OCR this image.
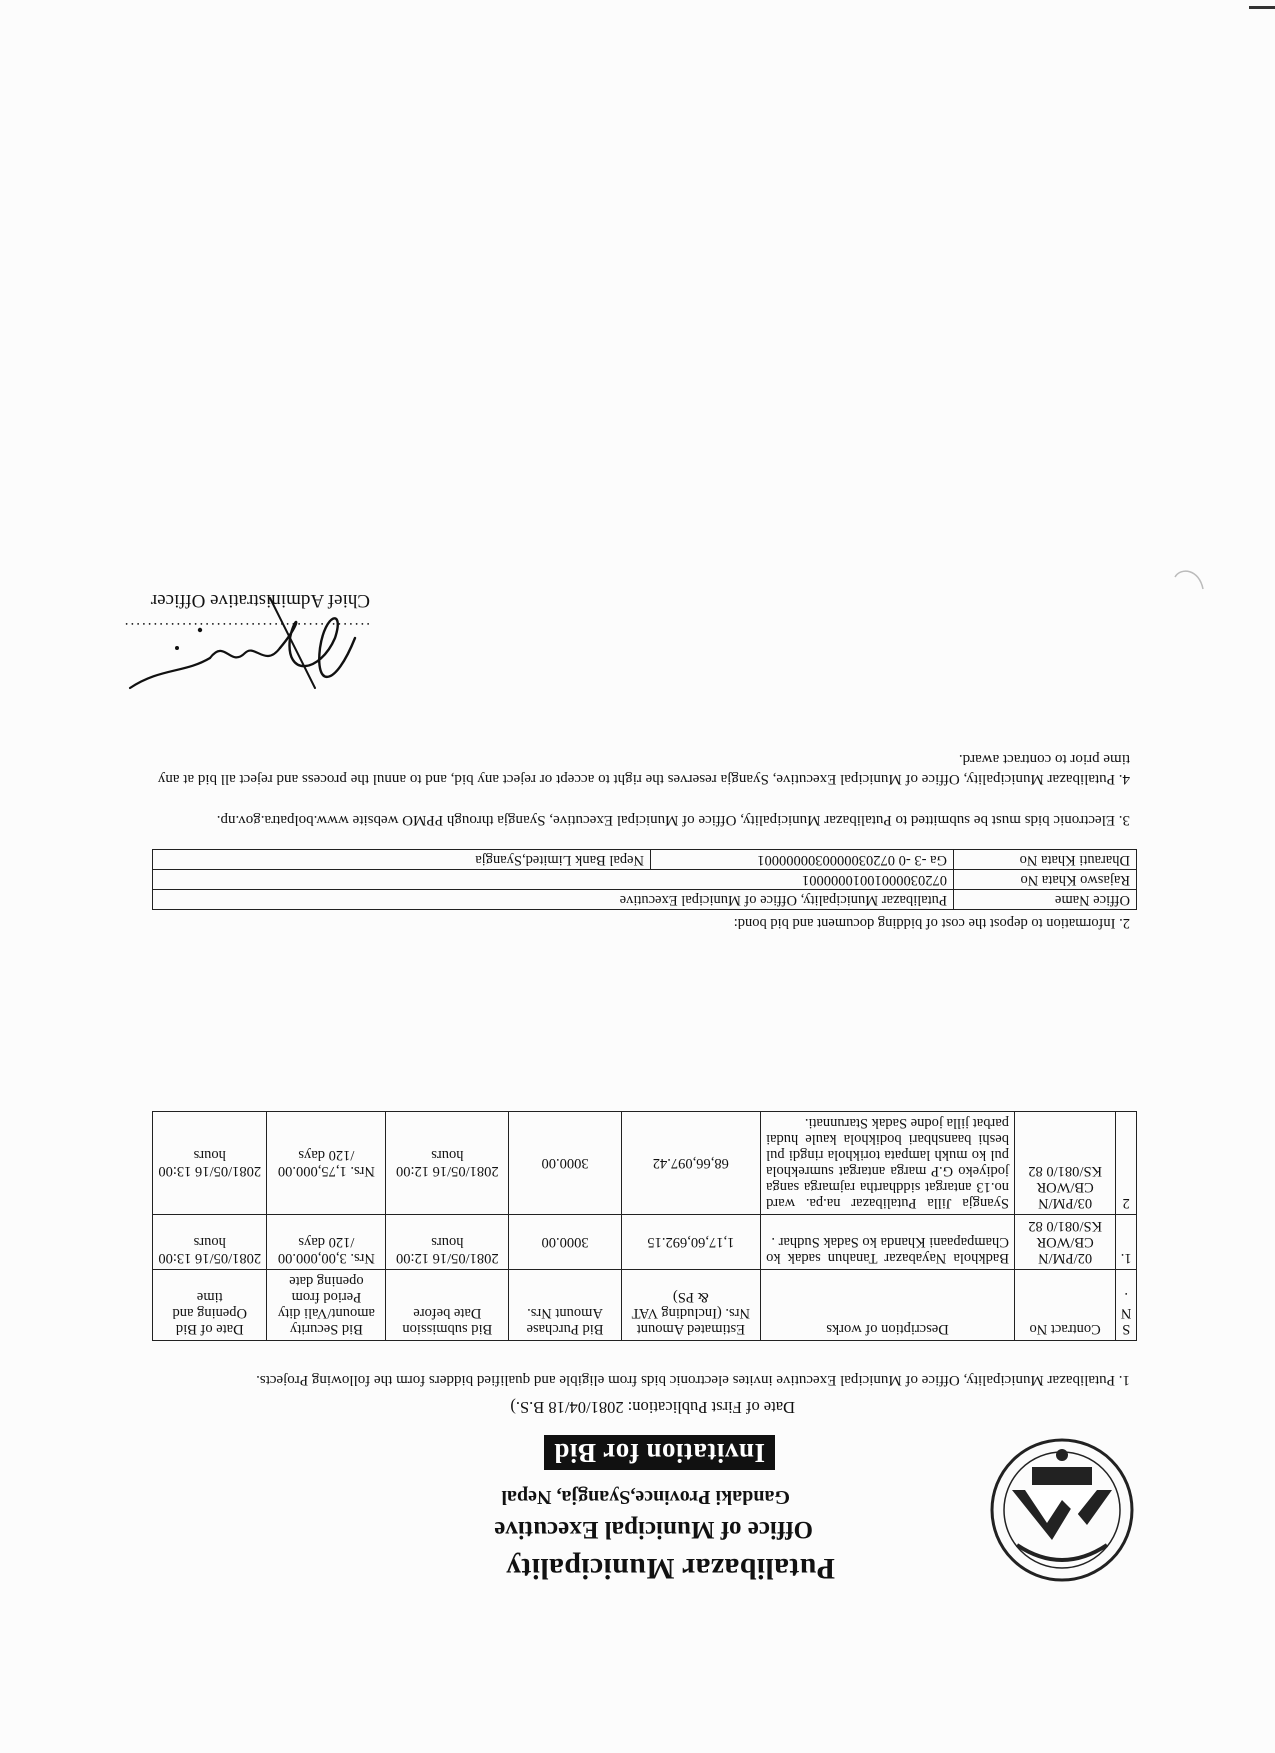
Putalibazar Municipality
Office of Municipal Executive
Gandaki Province,Syangja, Nepal
Invitation for Bid
Date of First Publication: 2081/04/18 B.S.)
1. Putalibazar Municipality, Office of Municipal Executive invites electronic bids from eligible and qualified bidders form the following Projects.
S N .	Contract No	Description of works	Estimated Amount Nrs. (Including VAT & PS)	Bid Purchase Amount Nrs.	Bid submission Date before	Bid Security amount/Vali dity Period from opening date	Date of Bid Opening and time
1.	02/PM/N CB/WOR KS/081/0 82	Badkhola Nayabazar Tanahun sadak ko Champapaani Khanda ko Sadak Sudhar .	1,17,60,692.15	3000.00	2081/05/16 12:00 hours	Nrs. 3,00,000.00 /120 days	2081/05/16 13:00 hours
2	03/PM/N CB/WOR KS/081/0 82	Syangja Jilla Putalibazar na.pa. ward no.13 antargat siddhartha rajmarga sanga jodiyeko G.P marga antargat sumrekhola pul ko mukh lampata torikhola ringdi pul beshi baanshbari bodikhola kaule hudai parbat jilla jodne Sadak Starunnati.	68,66,097.42	3000.00	2081/05/16 12:00 hours	Nrs. 1,75,000.00 /120 days	2081/05/16 13:00 hours
2. Information to depost the cost of bidding document and bid bond:
Office Name	Putalibazar Municipality, Office of Municipal Executive	
Rajaswo Khata No	07203000010010000001	
Dharauti Khata No	Ga -3 -0 0720300000300000001	Nepal Bank Limited,Syangja
3. Electronic bids must be submitted to Putalibazar Municipality, Office of Municipal Executive, Syangja through PPMO website www.bolpatra.gov.np.
4. Putalibazar Municipality, Office of Municipal Executive, Syangja reserves the right to accept or reject any bid, and to annul the process and reject all bid at any time prior to contract award.
...........................................
Chief Administrative Officer
